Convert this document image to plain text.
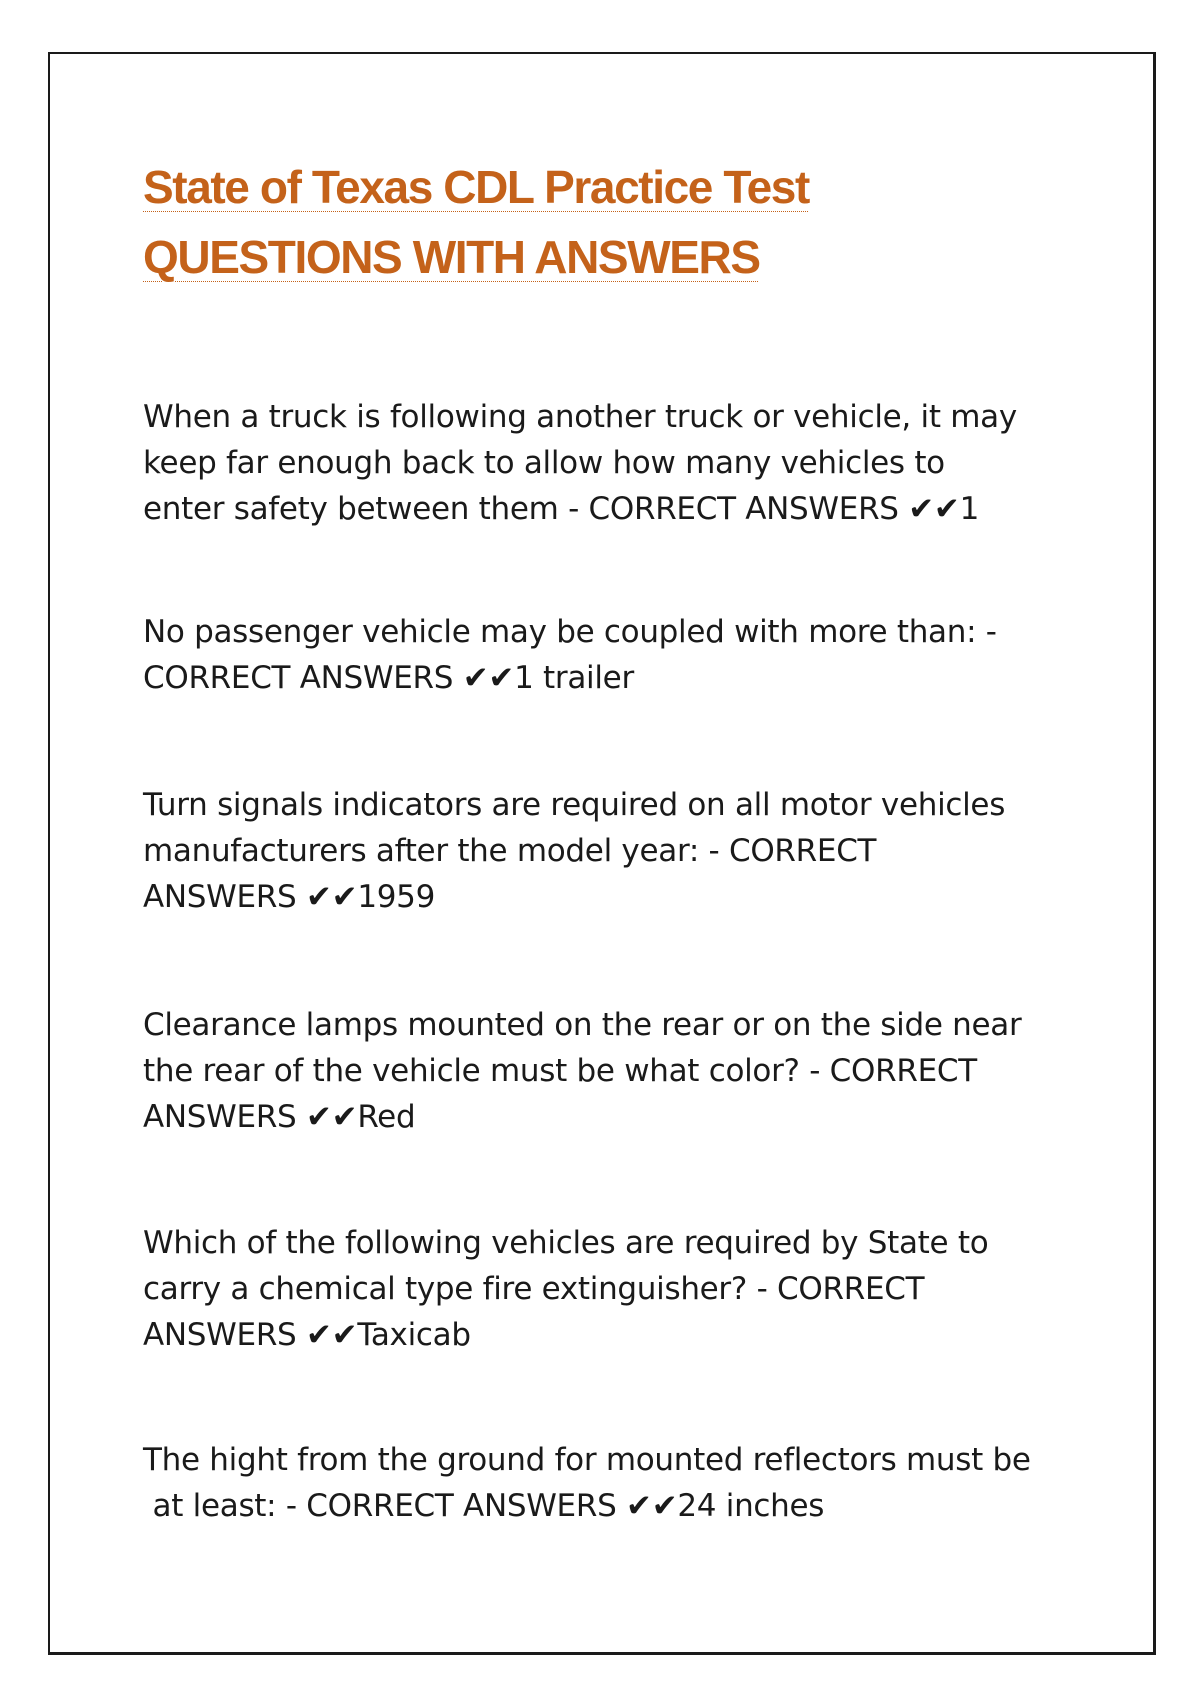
State of Texas CDL Practice Test
QUESTIONS WITH ANSWERS

When a truck is following another truck or vehicle, it may
keep far enough back to allow how many vehicles to
enter safety between them - CORRECT ANSWERS ✔✔1

No passenger vehicle may be coupled with more than: -
CORRECT ANSWERS ✔✔1 trailer

Turn signals indicators are required on all motor vehicles
manufacturers after the model year: - CORRECT
ANSWERS ✔✔1959

Clearance lamps mounted on the rear or on the side near
the rear of the vehicle must be what color? - CORRECT
ANSWERS ✔✔Red

Which of the following vehicles are required by State to
carry a chemical type fire extinguisher? - CORRECT
ANSWERS ✔✔Taxicab

The hight from the ground for mounted reflectors must be
at least: - CORRECT ANSWERS ✔✔24 inches
